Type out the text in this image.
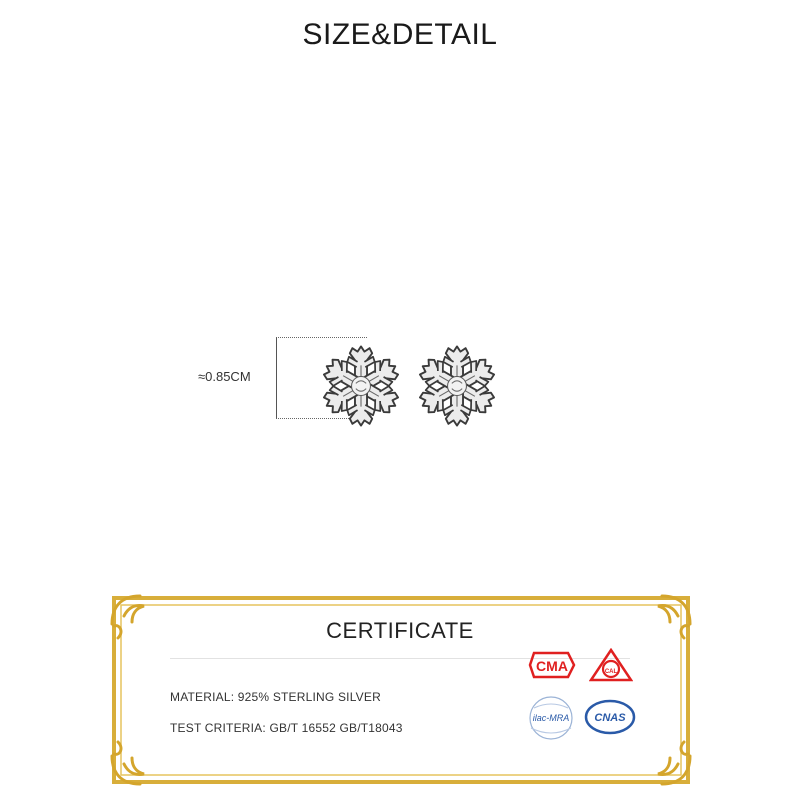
SIZE&DETAIL
≈0.85CM
CERTIFICATE
MATERIAL: 925% STERLING SILVER
TEST CRITERIA: GB/T 16552 GB/T18043
CMA	CAL
ilac-MRA CNAS
